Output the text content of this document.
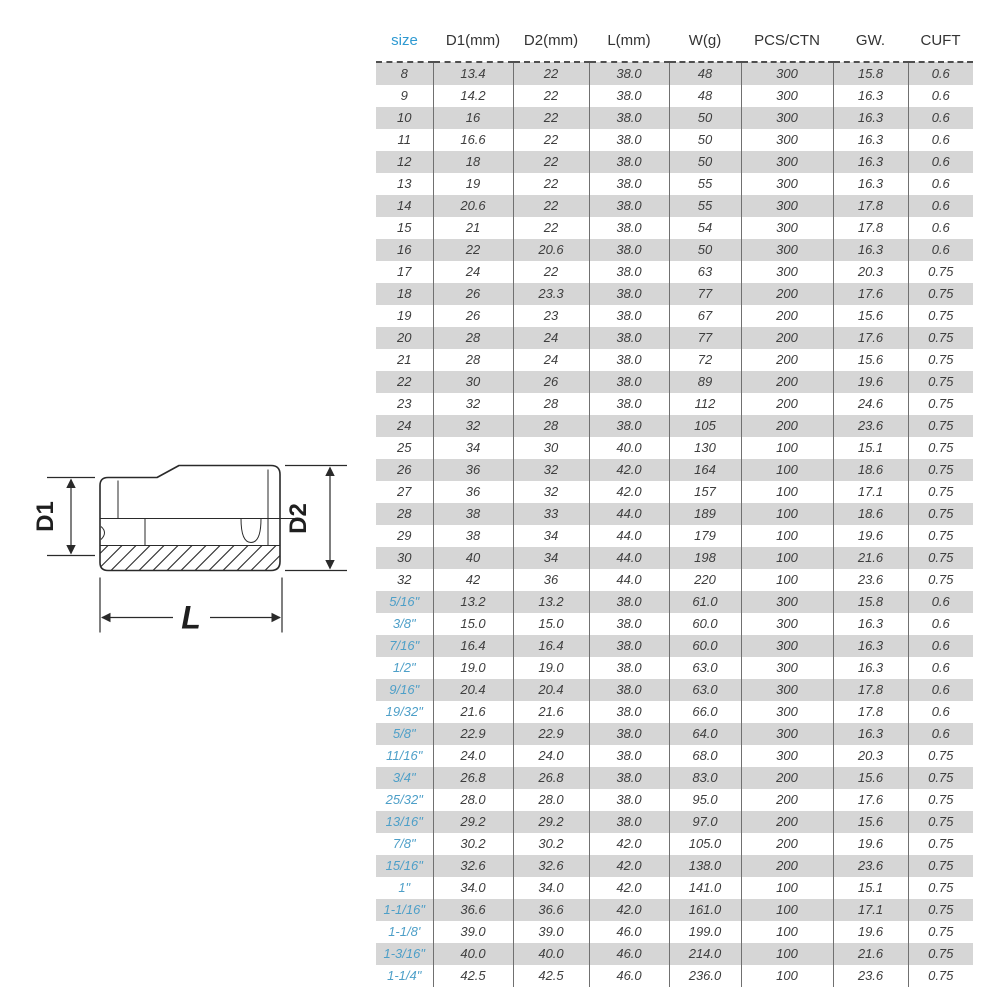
D1	D2
L
size	D1(mm)	D2(mm)	L(mm)	W(g)	PCS/CTN	GW.	CUFT
8	13.4	22	38.0	48	300	15.8	0.6
9	14.2	22	38.0	48	300	16.3	0.6
10	16	22	38.0	50	300	16.3	0.6
11	16.6	22	38.0	50	300	16.3	0.6
12	18	22	38.0	50	300	16.3	0.6
13	19	22	38.0	55	300	16.3	0.6
14	20.6	22	38.0	55	300	17.8	0.6
15	21	22	38.0	54	300	17.8	0.6
16	22	20.6	38.0	50	300	16.3	0.6
17	24	22	38.0	63	300	20.3	0.75
18	26	23.3	38.0	77	200	17.6	0.75
19	26	23	38.0	67	200	15.6	0.75
20	28	24	38.0	77	200	17.6	0.75
21	28	24	38.0	72	200	15.6	0.75
22	30	26	38.0	89	200	19.6	0.75
23	32	28	38.0	112	200	24.6	0.75
24	32	28	38.0	105	200	23.6	0.75
25	34	30	40.0	130	100	15.1	0.75
26	36	32	42.0	164	100	18.6	0.75
27	36	32	42.0	157	100	17.1	0.75
28	38	33	44.0	189	100	18.6	0.75
29	38	34	44.0	179	100	19.6	0.75
30	40	34	44.0	198	100	21.6	0.75
32	42	36	44.0	220	100	23.6	0.75
5/16"	13.2	13.2	38.0	61.0	300	15.8	0.6
3/8"	15.0	15.0	38.0	60.0	300	16.3	0.6
7/16"	16.4	16.4	38.0	60.0	300	16.3	0.6
1/2"	19.0	19.0	38.0	63.0	300	16.3	0.6
9/16"	20.4	20.4	38.0	63.0	300	17.8	0.6
19/32"	21.6	21.6	38.0	66.0	300	17.8	0.6
5/8"	22.9	22.9	38.0	64.0	300	16.3	0.6
11/16"	24.0	24.0	38.0	68.0	300	20.3	0.75
3/4"	26.8	26.8	38.0	83.0	200	15.6	0.75
25/32"	28.0	28.0	38.0	95.0	200	17.6	0.75
13/16"	29.2	29.2	38.0	97.0	200	15.6	0.75
7/8"	30.2	30.2	42.0	105.0	200	19.6	0.75
15/16"	32.6	32.6	42.0	138.0	200	23.6	0.75
1"	34.0	34.0	42.0	141.0	100	15.1	0.75
1-1/16"	36.6	36.6	42.0	161.0	100	17.1	0.75
1-1/8'	39.0	39.0	46.0	199.0	100	19.6	0.75
1-3/16"	40.0	40.0	46.0	214.0	100	21.6	0.75
1-1/4"	42.5	42.5	46.0	236.0	100	23.6	0.75
